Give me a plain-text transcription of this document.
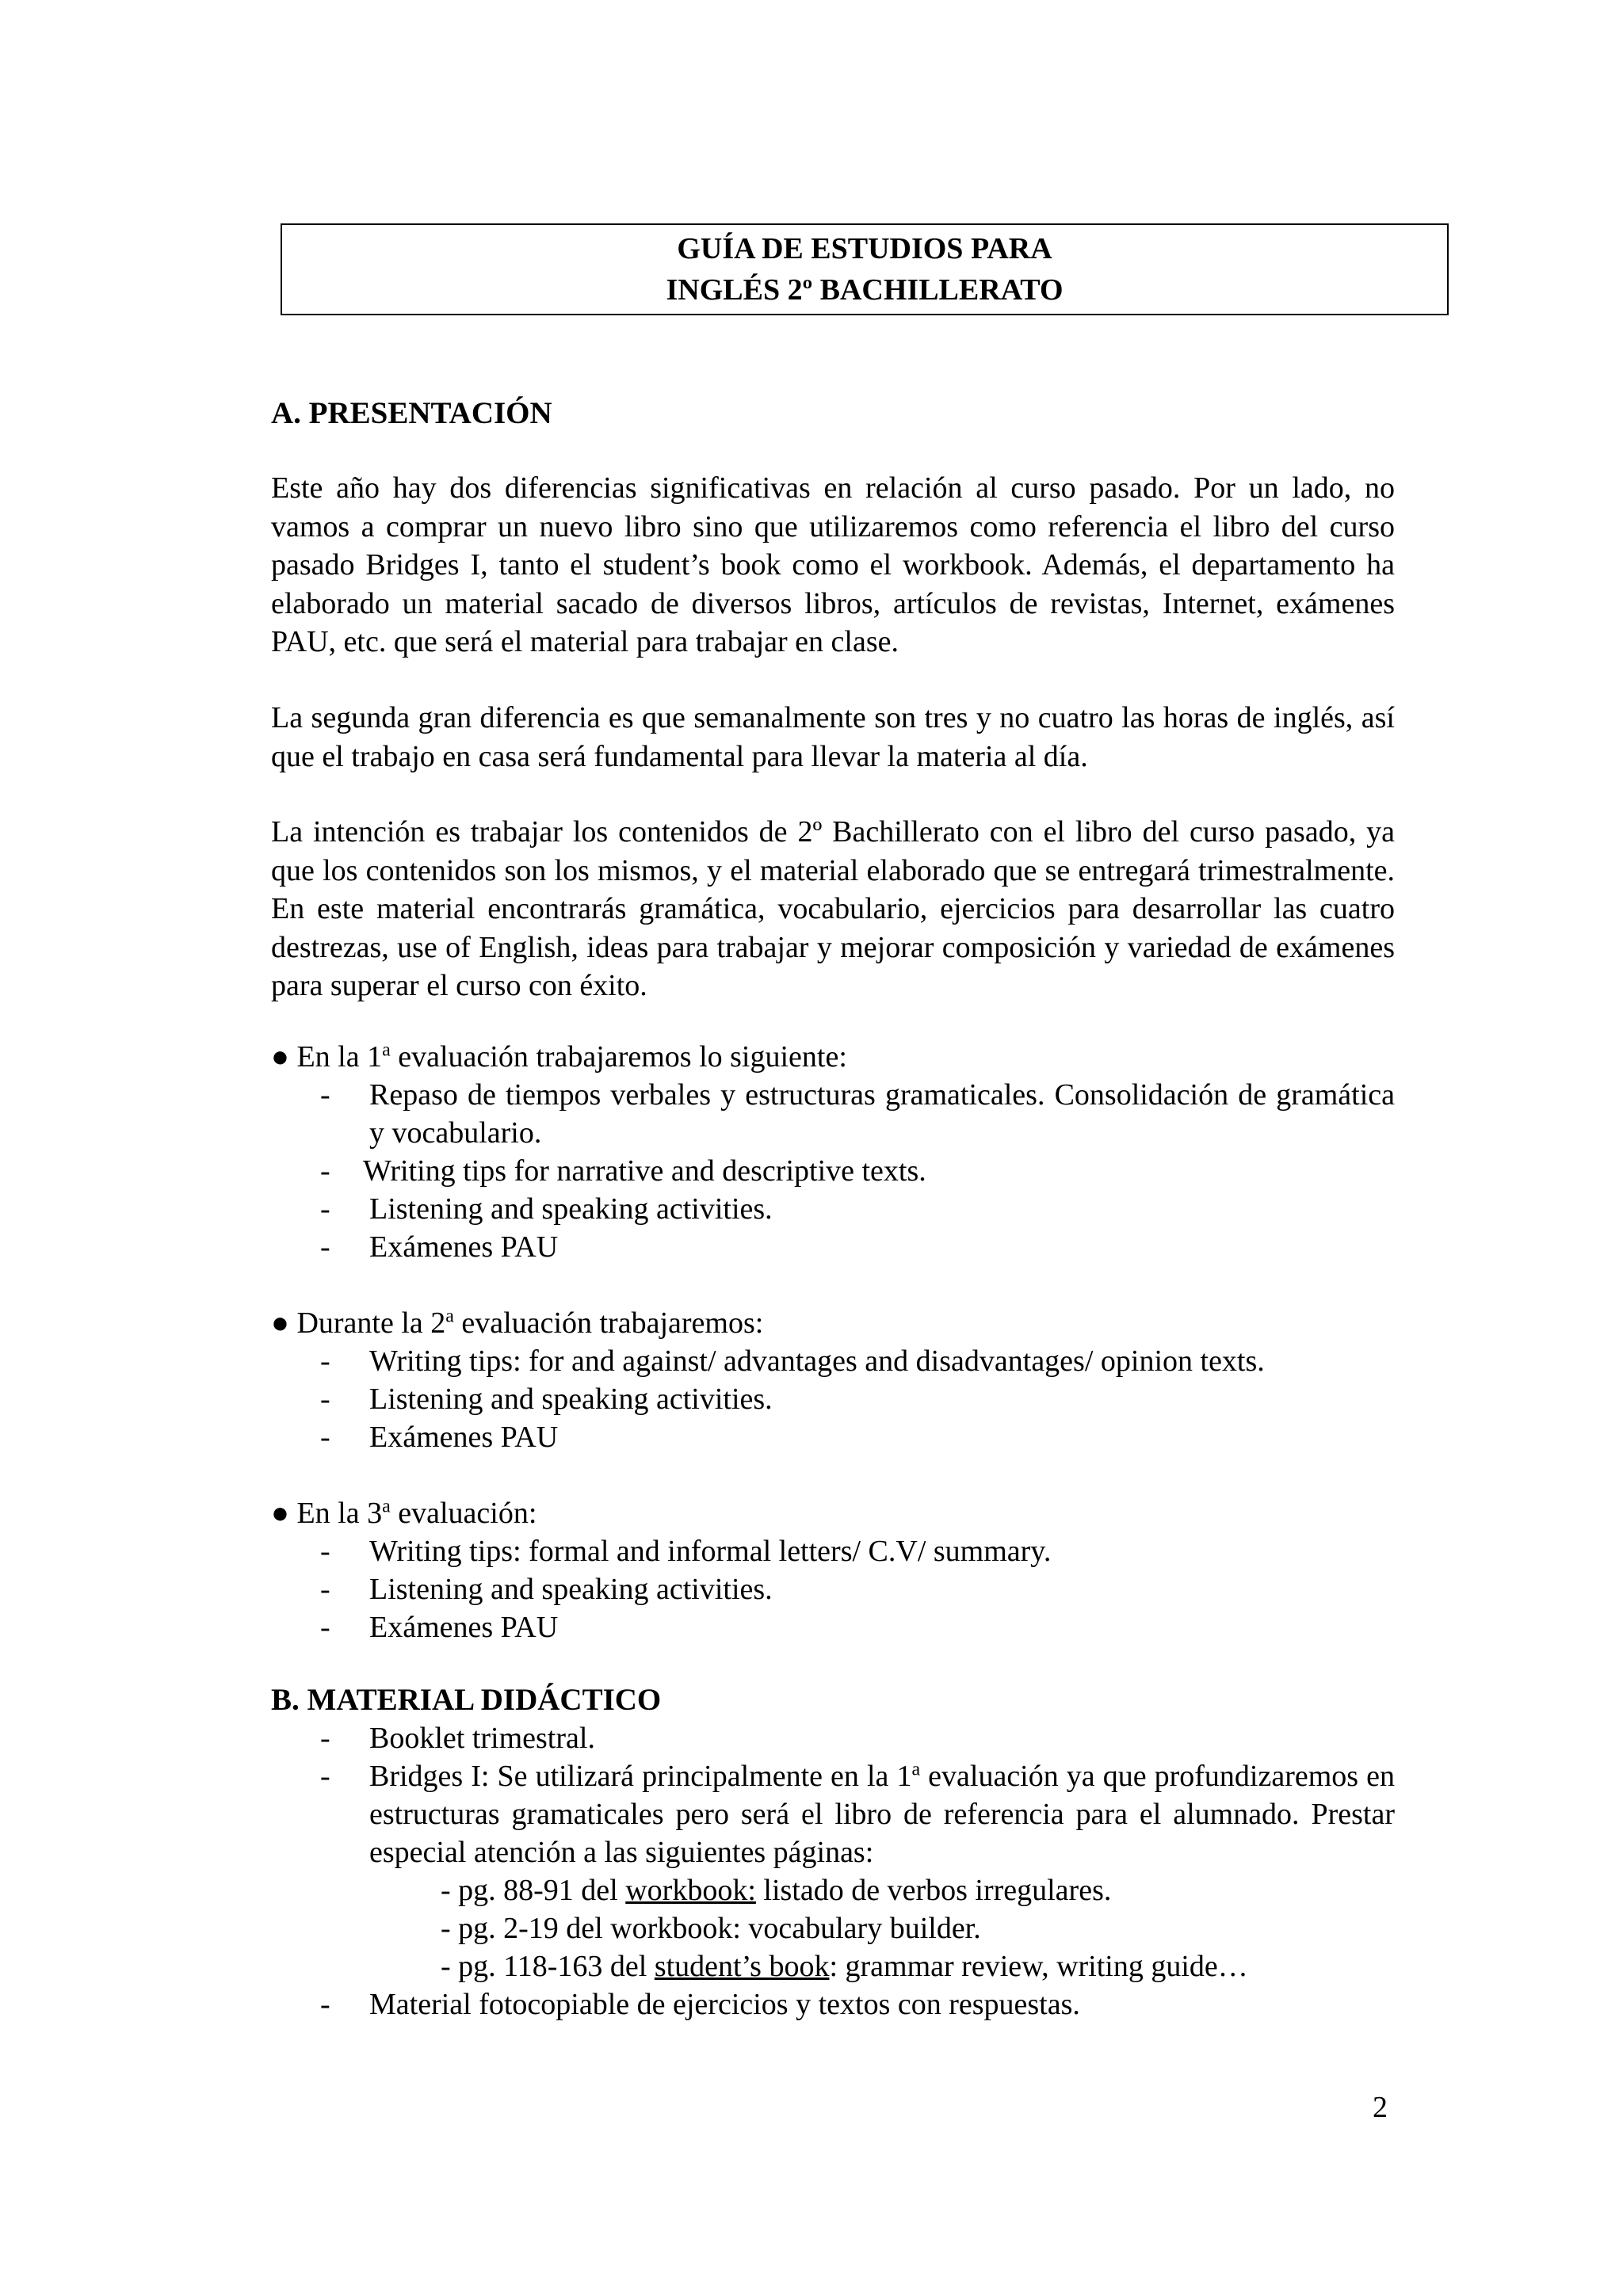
GUÍA DE ESTUDIOS PARA
INGLÉS 2º BACHILLERATO
A. PRESENTACIÓN
Este año hay dos diferencias significativas en relación al curso pasado. Por un lado, no vamos a comprar un nuevo libro sino que utilizaremos como referencia el libro del curso pasado Bridges I, tanto el student’s book como el workbook. Además, el departamento ha elaborado un material sacado de diversos libros, artículos de revistas, Internet, exámenes PAU, etc. que será el material para trabajar en clase.
La segunda gran diferencia es que semanalmente son tres y no cuatro las horas de inglés, así que el trabajo en casa será fundamental para llevar la materia al día.
La intención es trabajar los contenidos de 2º Bachillerato con el libro del curso pasado, ya que los contenidos son los mismos, y el material elaborado que se entregará trimestralmente. En este material encontrarás gramática, vocabulario, ejercicios para desarrollar las cuatro destrezas, use of English, ideas para trabajar y mejorar composición y variedad de exámenes para superar el curso con éxito.
● En la 1$^a$ evaluación trabajaremos lo siguiente:
- Repaso de tiempos verbales y estructuras gramaticales. Consolidación de gramática y vocabulario.
- Writing tips for narrative and descriptive texts.
- Listening and speaking activities.
- Exámenes PAU
● Durante la 2$^a$ evaluación trabajaremos:
- Writing tips: for and against/ advantages and disadvantages/ opinion texts.
- Listening and speaking activities.
- Exámenes PAU
● En la 3$^a$ evaluación:
- Writing tips: formal and informal letters/ C.V/ summary.
- Listening and speaking activities.
- Exámenes PAU
B. MATERIAL DIDÁCTICO
- Booklet trimestral.
- Bridges I: Se utilizará principalmente en la 1$^a$ evaluación ya que profundizaremos en estructuras gramaticales pero será el libro de referencia para el alumnado. Prestar especial atención a las siguientes páginas:
- pg. 88-91 del workbook: listado de verbos irregulares.
- pg. 2-19 del workbook: vocabulary builder.
- pg. 118-163 del student’s book: grammar review, writing guide…
- Material fotocopiable de ejercicios y textos con respuestas.
2
